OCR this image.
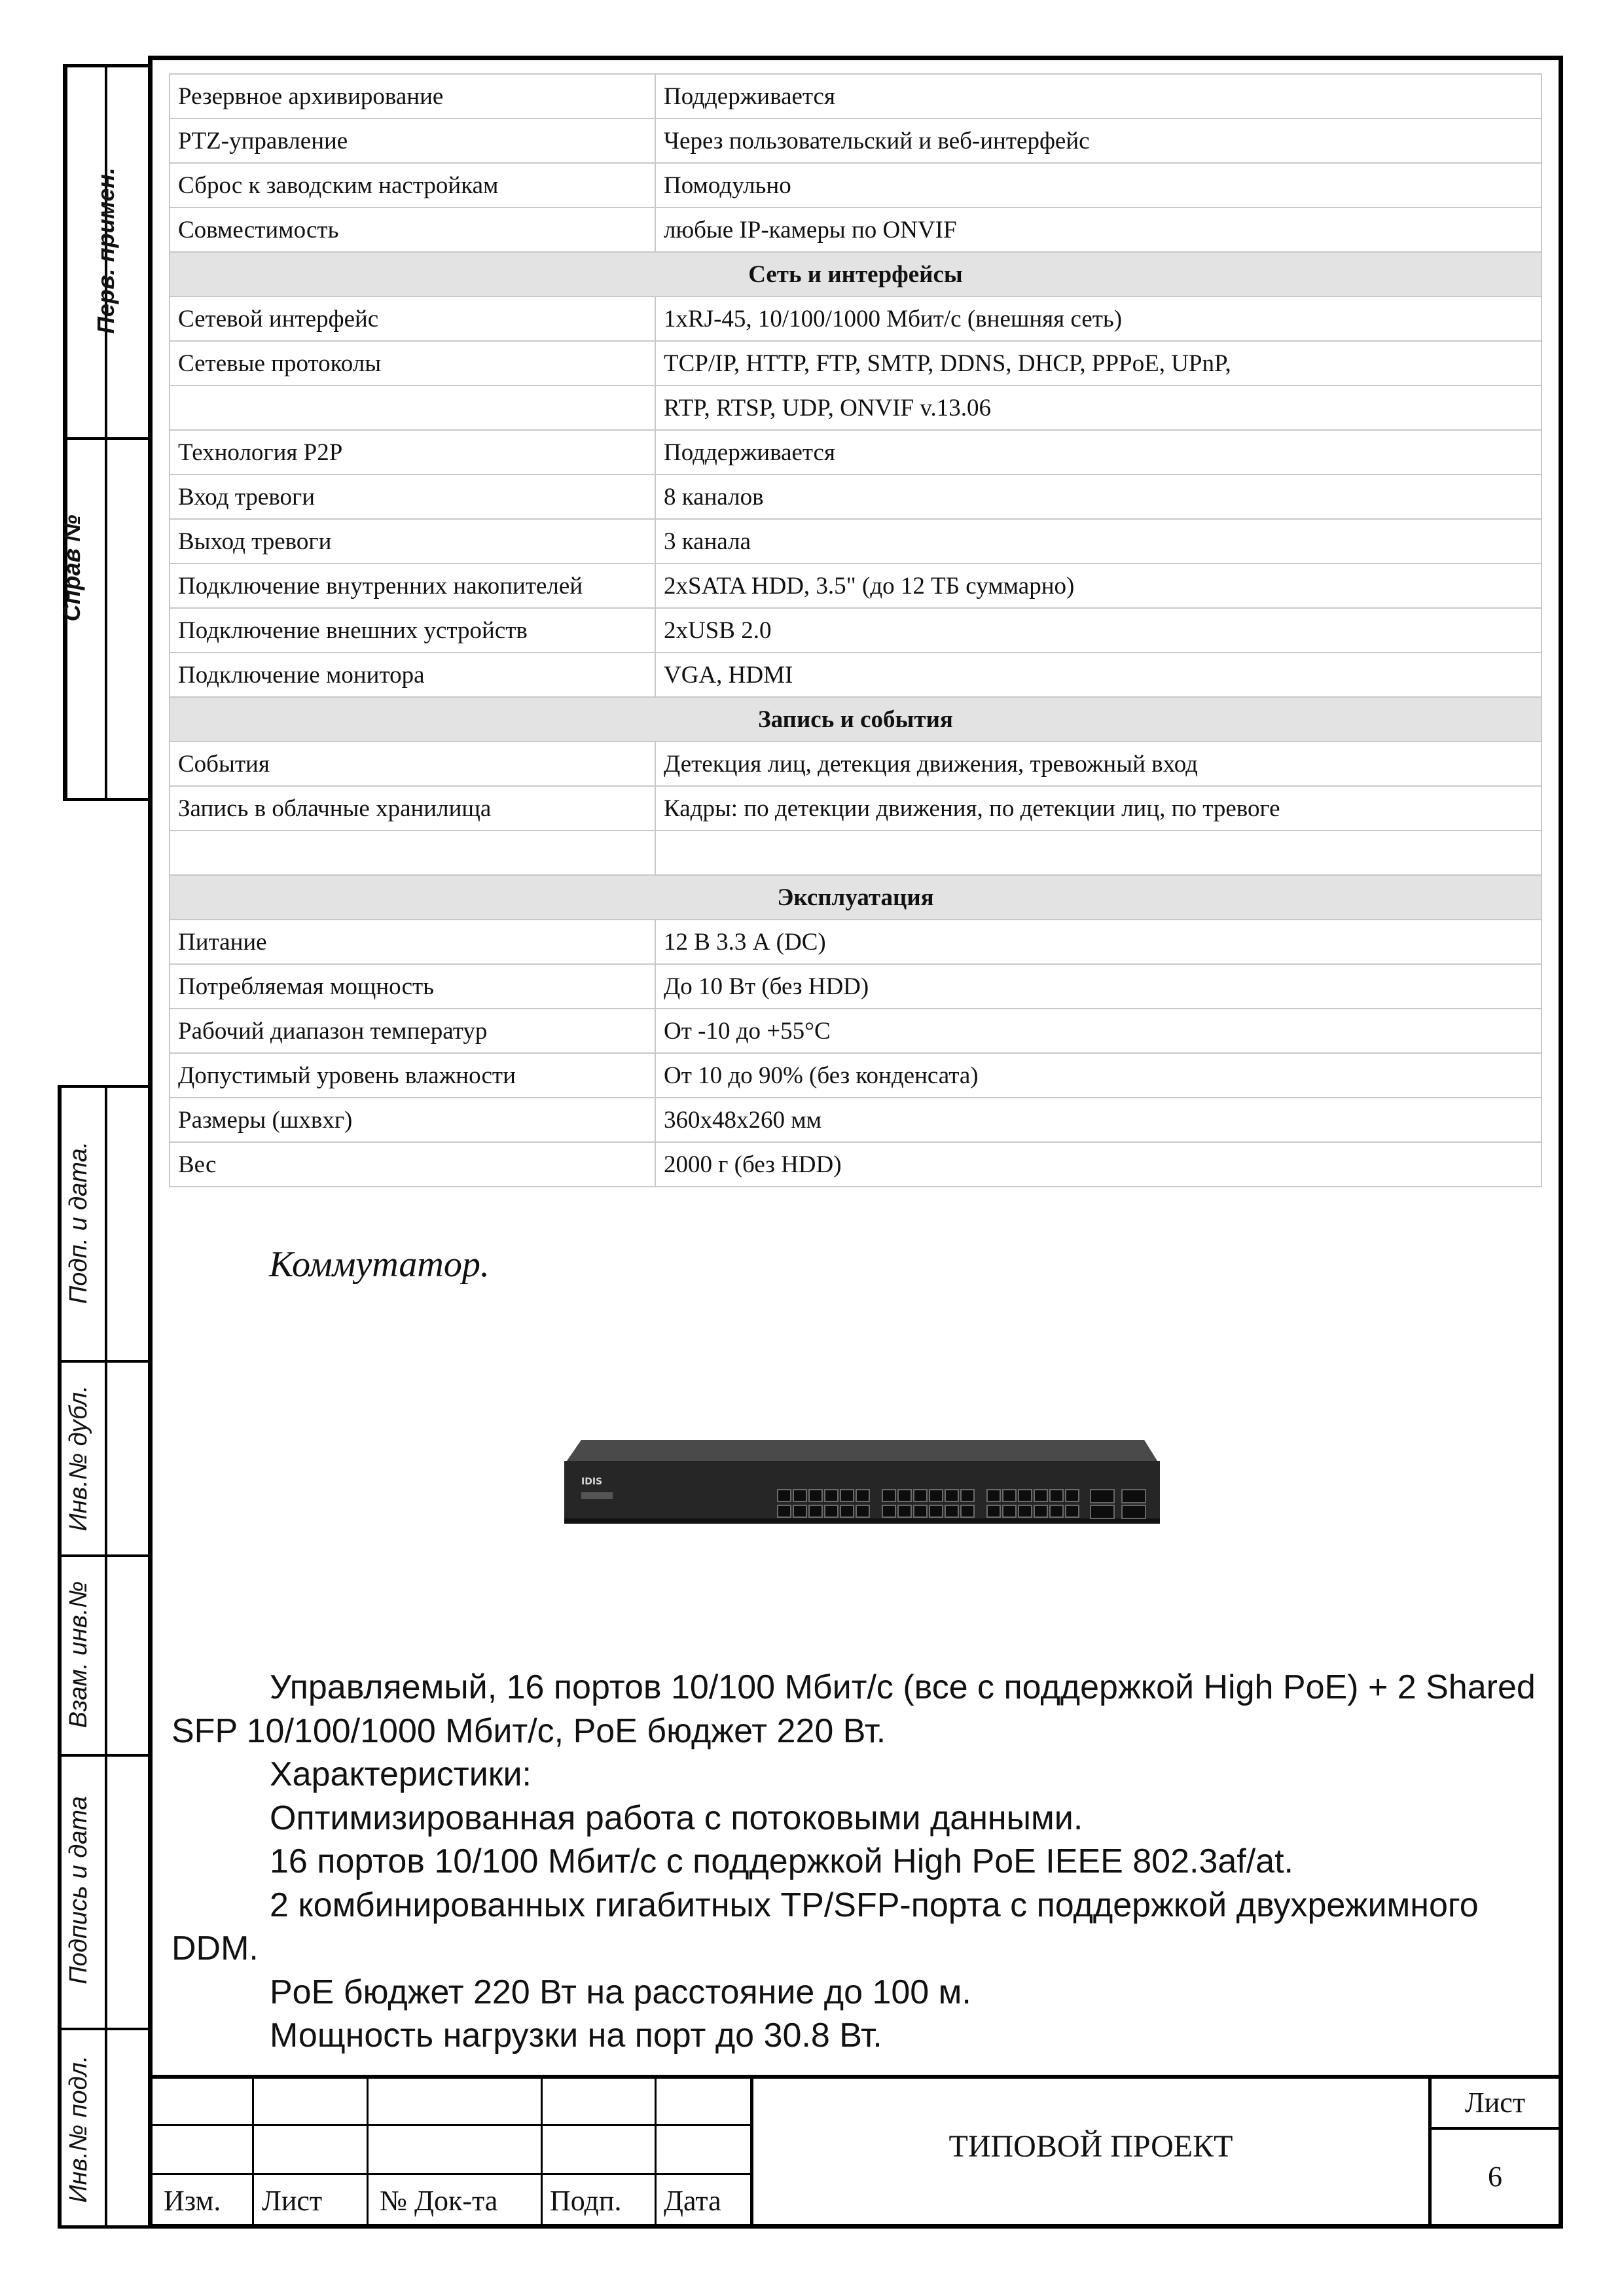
Резервное архивирование	Поддерживается
PTZ-управление	Через пользовательский и веб-интерфейс
Сброс к заводским настройкам	Помодульно
Совместимость	любые IP-камеры по ONVIF
Сеть и интерфейсы	
Сетевой интерфейс	1xRJ-45, 10/100/1000 Мбит/с (внешняя сеть)
Сетевые протоколы	TCP/IP, HTTP, FTP, SMTP, DDNS, DHCP, PPPoE, UPnP,
	RTP, RTSP, UDP, ONVIF v.13.06
Технология P2P	Поддерживается
Вход тревоги	8 каналов
Выход тревоги	3 канала
Подключение внутренних накопителей	2xSATA HDD, 3.5" (до 12 ТБ суммарно)
Подключение внешних устройств	2xUSB 2.0
Подключение монитора	VGA, HDMI
Запись и события	
События	Детекция лиц, детекция движения, тревожный вход
Запись в облачные хранилища	Кадры: по детекции движения, по детекции лиц, по тревоге

Эксплуатация	
Питание	12 В 3.3 А (DC)
Потребляемая мощность	До 10 Вт (без HDD)
Рабочий диапазон температур	От -10 до +55°C
Допустимый уровень влажности	От 10 до 90% (без конденсата)
Размеры (шхвхг)	360х48х260 мм
Вес	2000 г (без HDD)
Коммутатор.
IDIS

Управляемый, 16 портов 10/100 Мбит/с (все с поддержкой High PoE) + 2 Shared SFP 10/100/1000 Мбит/с, PoE бюджет 220 Вт.

Характеристики:

Оптимизированная работа с потоковыми данными.

16 портов 10/100 Мбит/с с поддержкой High PoE IEEE 802.3af/at.

2 комбинированных гигабитных TP/SFP-порта с поддержкой двухрежимного DDM.

PoE бюджет 220 Вт на расстояние до 100 м.

Мощность нагрузки на порт до 30.8 Вт.

Перв. примен.
Справ №
Подп. и дата.
Инв.№ дубл.
Взам. инв.№
Подпись и дата
Инв.№ подл. Изм.	Лист	№ Док-та	Подп.	Дата
ТИПОВОЙ ПРОЕКТ
Лист
6
